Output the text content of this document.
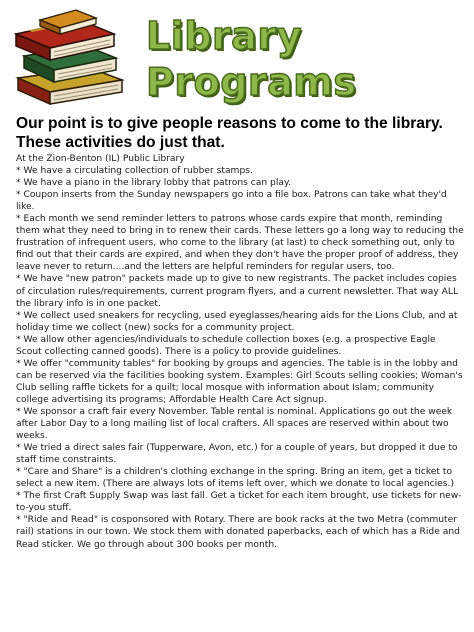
Library
Programs
Our point is to give people reasons to come to the library.
These activities do just that.
At the Zion-Benton (IL) Public Library
* We have a circulating collection of rubber stamps.
* We have a piano in the library lobby that patrons can play.
* Coupon inserts from the Sunday newspapers go into a file box. Patrons can take what they'd like.
* Each month we send reminder letters to patrons whose cards expire that month, reminding them what they need to bring in to renew their cards. These letters go a long way to reducing the frustration of infrequent users, who come to the library (at last) to check something out, only to find out that their cards are expired, and when they don't have the proper proof of address, they leave never to return....and the letters are helpful reminders for regular users, too.
* We have "new patron" packets made up to give to new registrants. The packet includes copies of circulation rules/requirements, current program flyers, and a current newsletter. That way ALL the library info is in one packet.
* We collect used sneakers for recycling, used eyeglasses/hearing aids for the Lions Club, and at holiday time we collect (new) socks for a community project.
* We allow other agencies/individuals to schedule collection boxes (e.g. a prospective Eagle Scout collecting canned goods). There is a policy to provide guidelines.
* We offer "community tables" for booking by groups and agencies. The table is in the lobby and can be reserved via the facilities booking system. Examples: Girl Scouts selling cookies; Woman's Club selling raffle tickets for a quilt; local mosque with information about Islam; community college advertising its programs; Affordable Health Care Act signup.
* We sponsor a craft fair every November. Table rental is nominal. Applications go out the week after Labor Day to a long mailing list of local crafters. All spaces are reserved within about two weeks.
* We tried a direct sales fair (Tupperware, Avon, etc.) for a couple of years, but dropped it due to staff time constraints.
* "Care and Share" is a children's clothing exchange in the spring. Bring an item, get a ticket to select a new item. (There are always lots of items left over, which we donate to local agencies.)
* The first Craft Supply Swap was last fall. Get a ticket for each item brought, use tickets for new-to-you stuff.
* "Ride and Read" is cosponsored with Rotary. There are book racks at the two Metra (commuter rail) stations in our town. We stock them with donated paperbacks, each of which has a Ride and Read sticker. We go through about 300 books per month.
